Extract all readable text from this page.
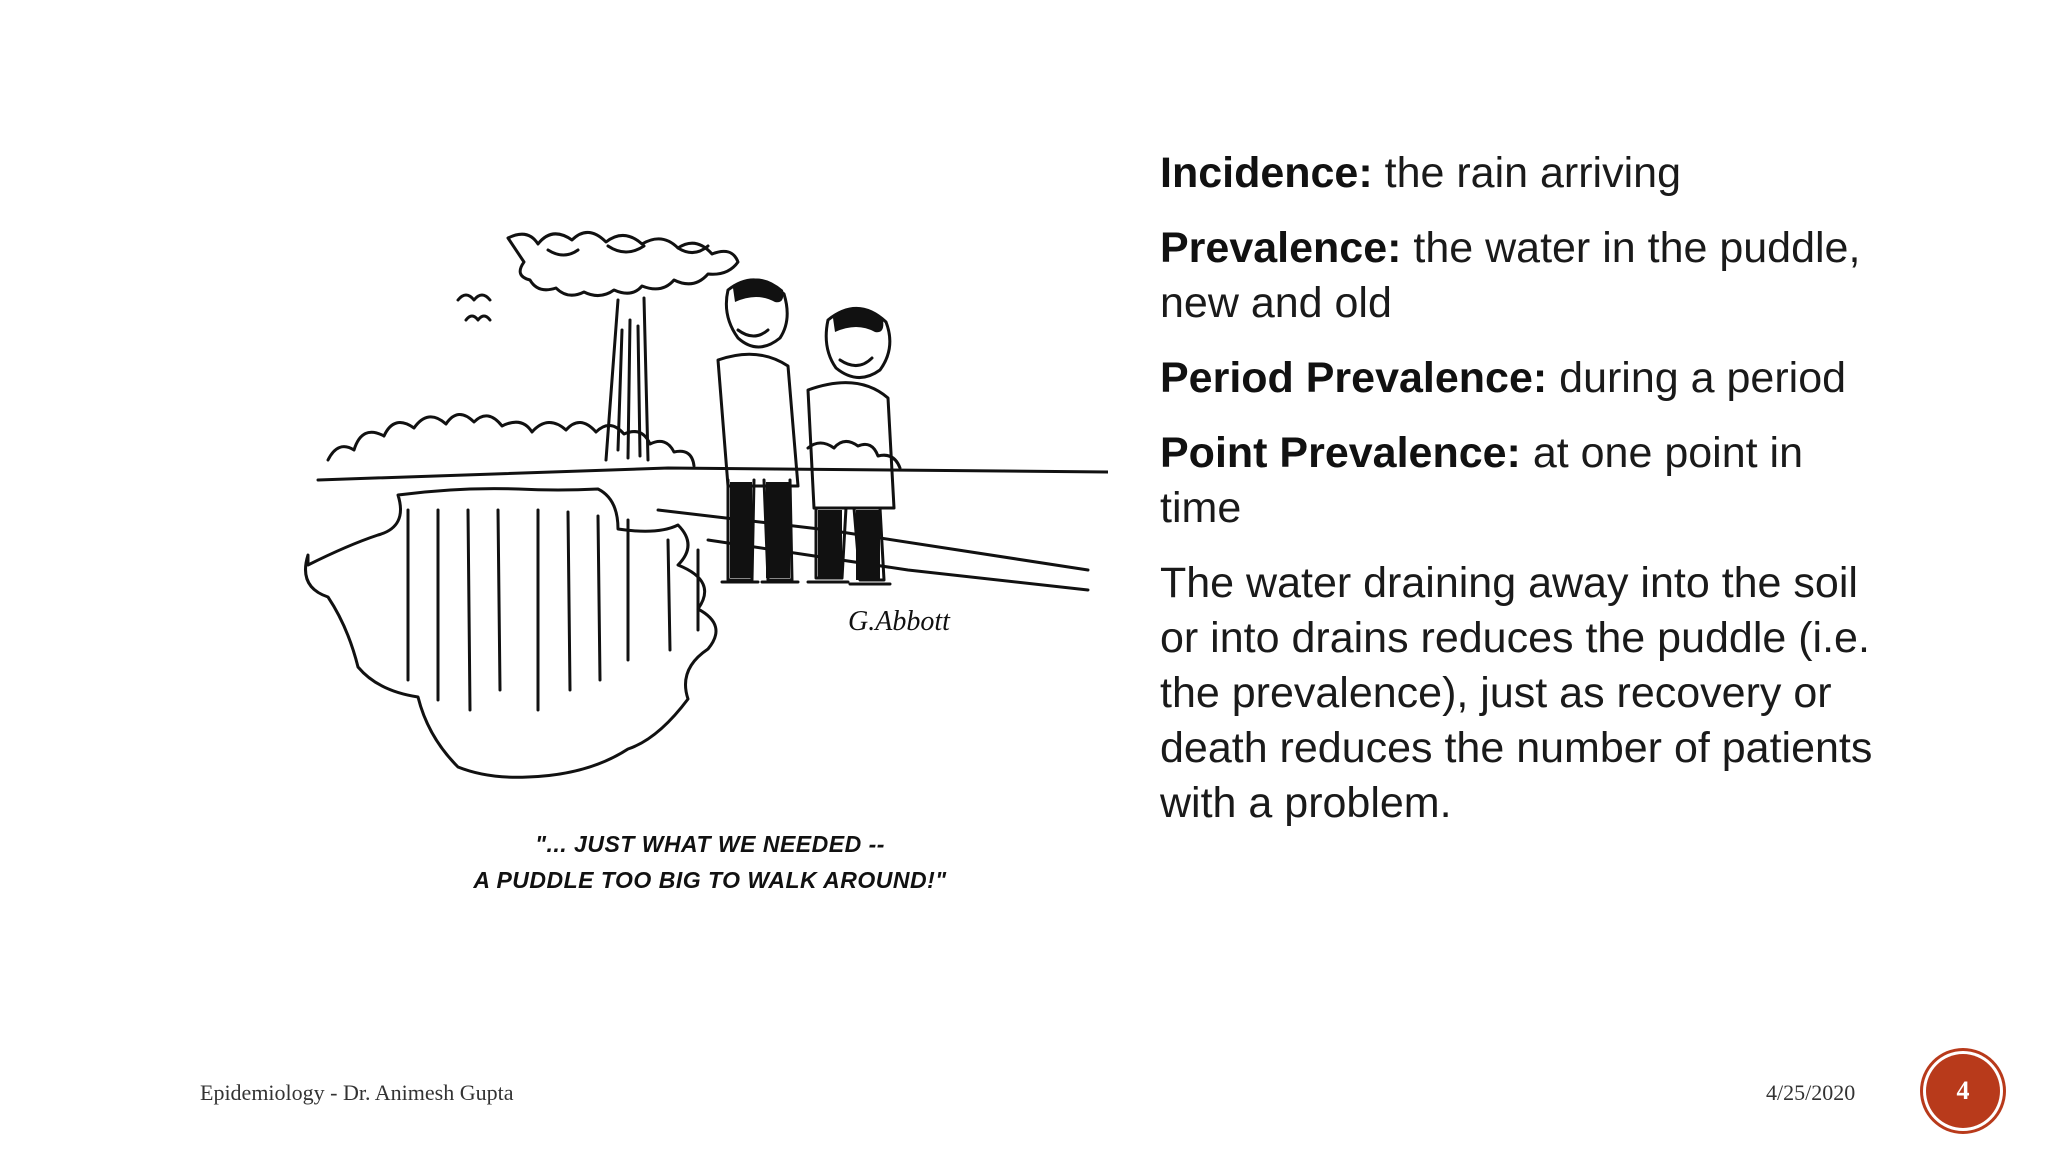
G.Abbott
"... JUST WHAT WE NEEDED --
A PUDDLE TOO BIG TO WALK AROUND!"
Incidence: the rain arriving
Prevalence: the water in the puddle, new and old
Period Prevalence: during a period
Point Prevalence: at one point in time
The water draining away into the soil or into drains reduces the puddle (i.e. the prevalence), just as recovery or death reduces the number of patients with a problem.
Epidemiology - Dr. Animesh Gupta	4/25/2020	4
